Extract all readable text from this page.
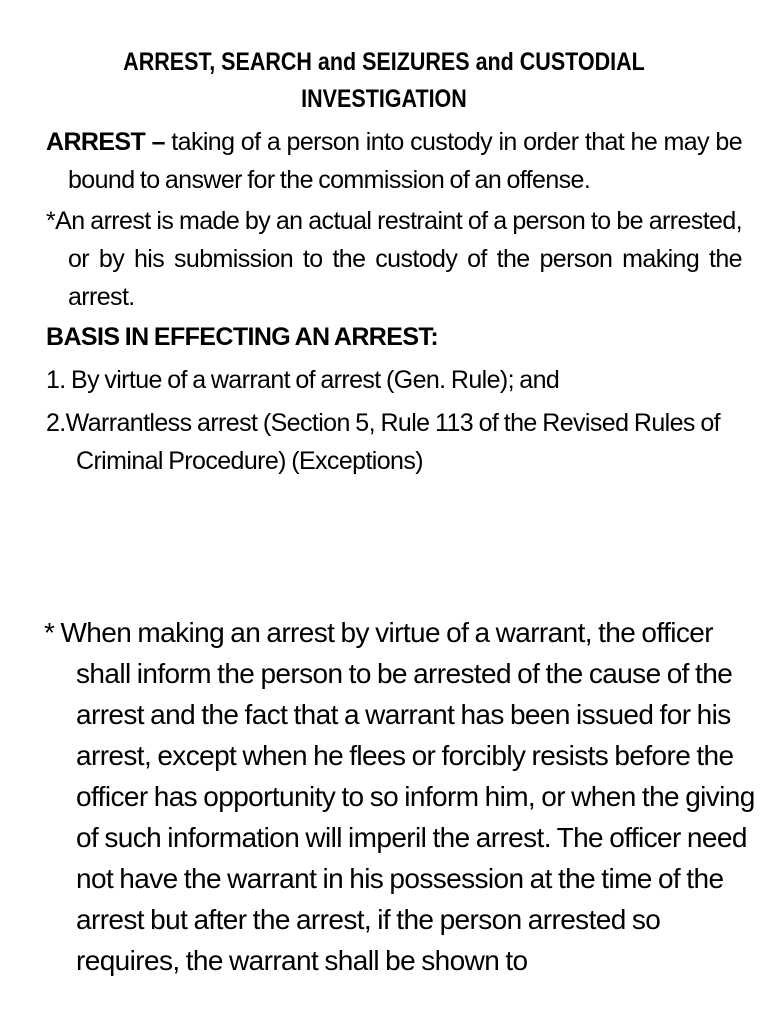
ARREST, SEARCH and SEIZURES and CUSTODIAL
INVESTIGATION
ARREST – taking of a person into custody in order that he may be bound to answer for the commission of an offense.
*An arrest is made by an actual restraint of a person to be arrested, or by his submission to the custody of the person making the arrest.
BASIS IN EFFECTING AN ARREST:
1. By virtue of a warrant of arrest (Gen. Rule); and
2.Warrantless arrest (Section 5, Rule 113 of the Revised Rules of Criminal Procedure) (Exceptions)
* When making an arrest by virtue of a warrant, the officer shall inform the person to be arrested of the cause of the arrest and the fact that a warrant has been issued for his arrest, except when he flees or forcibly resists before the officer has opportunity to so inform him, or when the giving of such information will imperil the arrest. The officer need not have the warrant in his possession at the time of the arrest but after the arrest, if the person arrested so requires, the warrant shall be shown to
